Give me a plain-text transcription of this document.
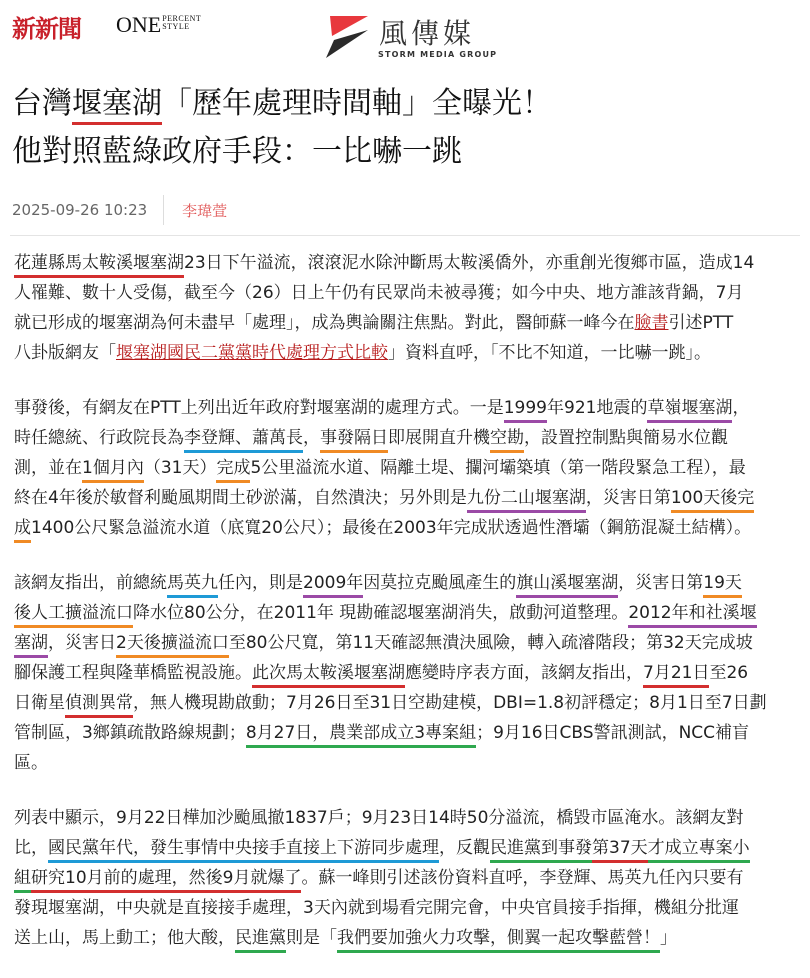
新新聞 ONEPERCENT
STYLE	風傳媒
STORM MEDIA GROUP
台灣堰塞湖「歷年處理時間軸」全曝光！
他對照藍綠政府手段：一比嚇一跳
2025-09-26 10:23 李瑋萱

花蓮縣馬太鞍溪堰塞湖23日下午溢流，滾滾泥水除沖斷馬太鞍溪僑外，亦重創光復鄉市區，造成14
人罹難、數十人受傷，截至今（26）日上午仍有民眾尚未被尋獲；如今中央、地方誰該背鍋，7月
就已形成的堰塞湖為何未盡早「處理」，成為輿論關注焦點。對此，醫師蘇一峰今在臉書引述PTT
八卦版網友「堰塞湖國民二黨黨時代處理方式比較」資料直呼，「不比不知道，一比嚇一跳」。

事發後，有網友在PTT上列出近年政府對堰塞湖的處理方式。一是1999年921地震的草嶺堰塞湖，
時任總統、行政院長為李登輝、蕭萬長，事發隔日即展開直升機空勘，設置控制點與簡易水位觀
測，並在1個月內（31天）完成5公里溢流水道、隔離土堤、攔河壩築填（第一階段緊急工程），最
終在4年後於敏督利颱風期間土砂淤滿，自然潰決；另外則是九份二山堰塞湖，災害日第100天後完
成1400公尺緊急溢流水道（底寬20公尺）；最後在2003年完成狀透過性潛壩（鋼筋混凝土結構）。

該網友指出，前總統馬英九任內，則是2009年因莫拉克颱風產生的旗山溪堰塞湖，災害日第19天
後人工擴溢流口降水位80公分，在2011年 現勘確認堰塞湖消失，啟動河道整理。2012年和社溪堰
塞湖，災害日2天後擴溢流口至80公尺寬，第11天確認無潰決風險，轉入疏濬階段；第32天完成坡
腳保護工程與隆華橋監視設施。此次馬太鞍溪堰塞湖應變時序表方面，該網友指出，7月21日至26
日衛星偵測異常，無人機現勘啟動；7月26日至31日空勘建模，DBI=1.8初評穩定；8月1日至7日劃
管制區，3鄉鎮疏散路線規劃；8月27日，農業部成立3專案組；9月16日CBS警訊測試，NCC補盲
區。

列表中顯示，9月22日樺加沙颱風撤1837戶；9月23日14時50分溢流，橋毀市區淹水。該網友對
比，國民黨年代，發生事情中央接手直接上下游同步處理，反觀民進黨到事發第37天才成立專案小
組研究10月前的處理，然後9月就爆了。蘇一峰則引述該份資料直呼，李登輝、馬英九任內只要有
發現堰塞湖，中央就是直接接手處理，3天內就到場看完開完會，中央官員接手指揮，機組分批運
送上山，馬上動工；他大酸，民進黨則是「我們要加強火力攻擊，側翼一起攻擊藍營！」
